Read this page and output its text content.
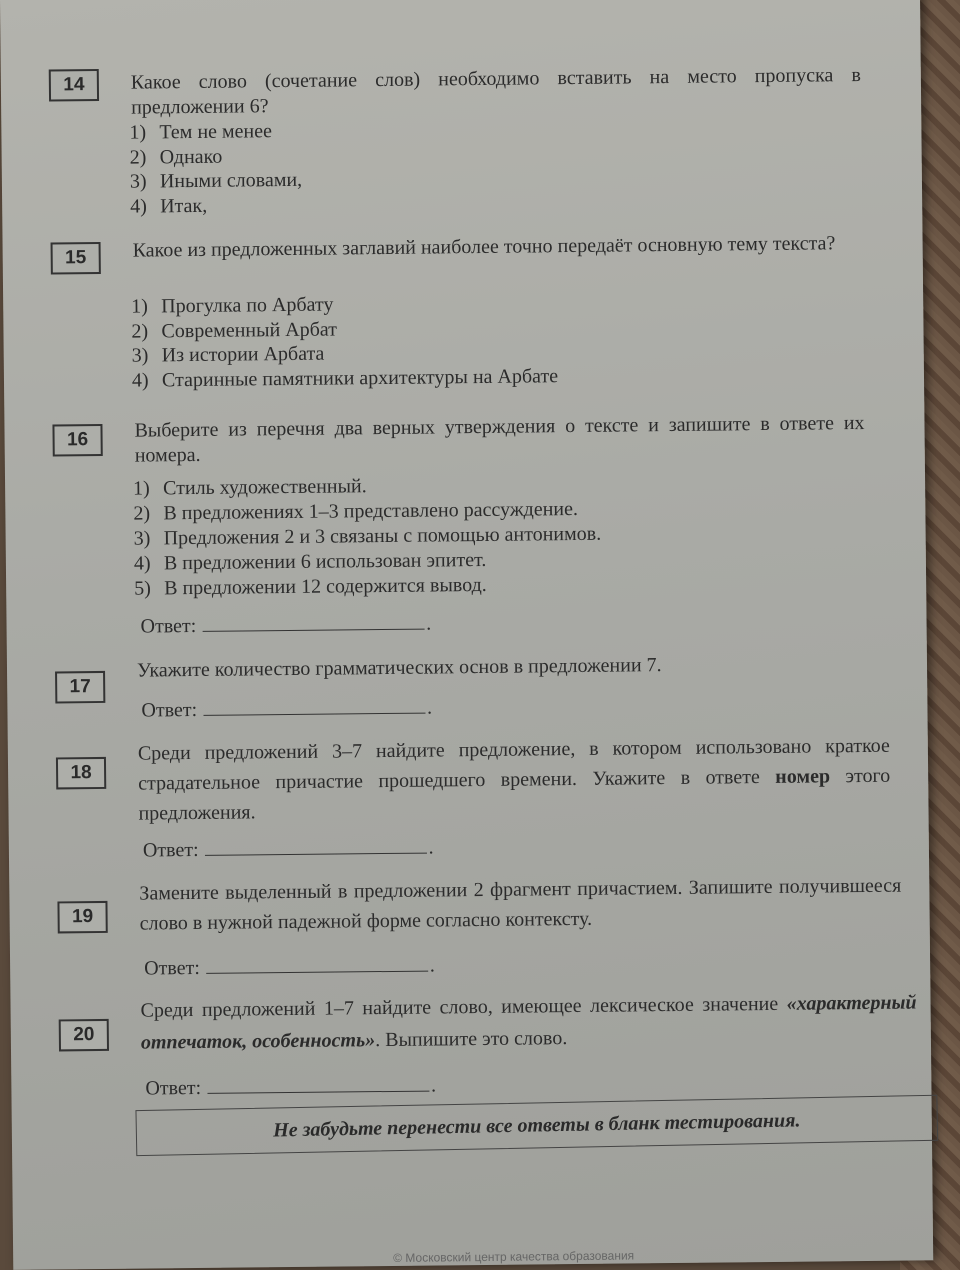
14	Какое слово (сочетание слов) необходимо вставить на место пропуска в предложении 6?
1) Тем не менее
2) Однако
3) Иными словами,
4) Итак,
15	Какое из предложенных заглавий наиболее точно передаёт основную тему текста?
1) Прогулка по Арбату
2) Современный Арбат
3) Из истории Арбата
4) Старинные памятники архитектуры на Арбате
16	Выберите из перечня два верных утверждения о тексте и запишите в ответе их номера.
1) Стиль художественный.
2) В предложениях 1–3 представлено рассуждение.
3) Предложения 2 и 3 связаны с помощью антонимов.
4) В предложении 6 использован эпитет.
5) В предложении 12 содержится вывод.
Ответ:	.
17
Укажите количество грамматических основ в предложении 7.
Ответ:	.
18
Среди предложений 3–7 найдите предложение, в котором использовано краткое страдательное причастие прошедшего времени. Укажите в ответе номер этого предложения.
Ответ:	.
19
Замените выделенный в предложении 2 фрагмент причастием. Запишите получившееся слово в нужной падежной форме согласно контексту.
Ответ:	.
20
Среди предложений 1–7 найдите слово, имеющее лексическое значение «характерный отпечаток, особенность». Выпишите это слово.
Ответ:	.
Не забудьте перенести все ответы в бланк тестирования.
© Московский центр качества образования
